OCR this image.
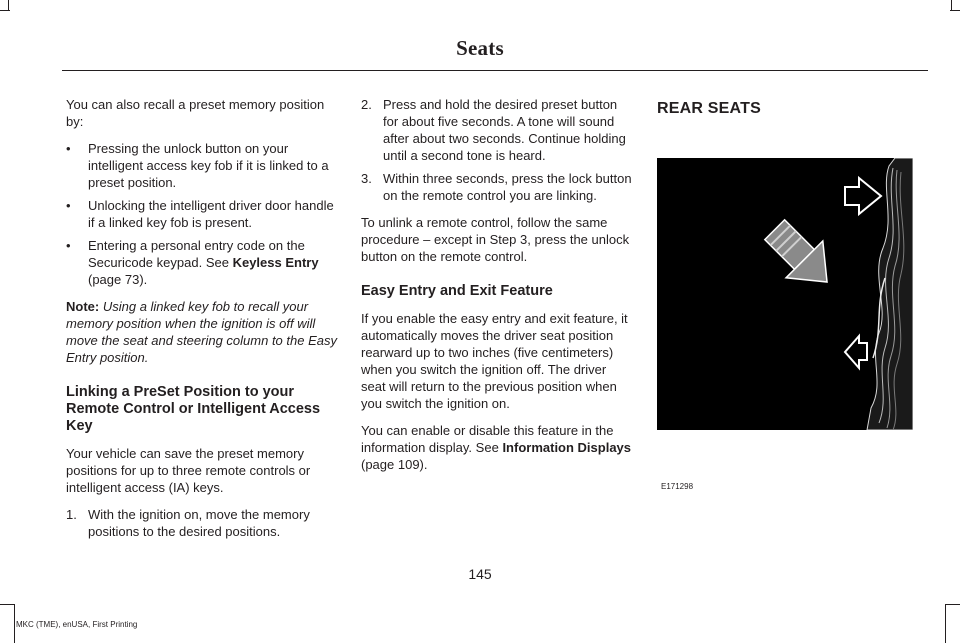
Seats

You can also recall a preset memory position by:

• Pressing the unlock button on your intelligent access key fob if it is linked to a preset position.
• Unlocking the intelligent driver door handle if a linked key fob is present.
• Entering a personal entry code on the Securicode keypad. See Keyless Entry (page 73).

Note: Using a linked key fob to recall your memory position when the ignition is off will move the seat and steering column to the Easy Entry position.

Linking a PreSet Position to your Remote Control or Intelligent Access Key

Your vehicle can save the preset memory positions for up to three remote controls or intelligent access (IA) keys.

1. With the ignition on, move the memory positions to the desired positions.
2. Press and hold the desired preset button for about five seconds. A tone will sound after about two seconds. Continue holding until a second tone is heard.
3. Within three seconds, press the lock button on the remote control you are linking.

To unlink a remote control, follow the same procedure – except in Step 3, press the unlock button on the remote control.

Easy Entry and Exit Feature

If you enable the easy entry and exit feature, it automatically moves the driver seat position rearward up to two inches (five centimeters) when you switch the ignition off. The driver seat will return to the previous position when you switch the ignition on.

You can enable or disable this feature in the information display. See Information Displays (page 109).

REAR SEATS
E171298
145
MKC (TME), enUSA, First Printing
